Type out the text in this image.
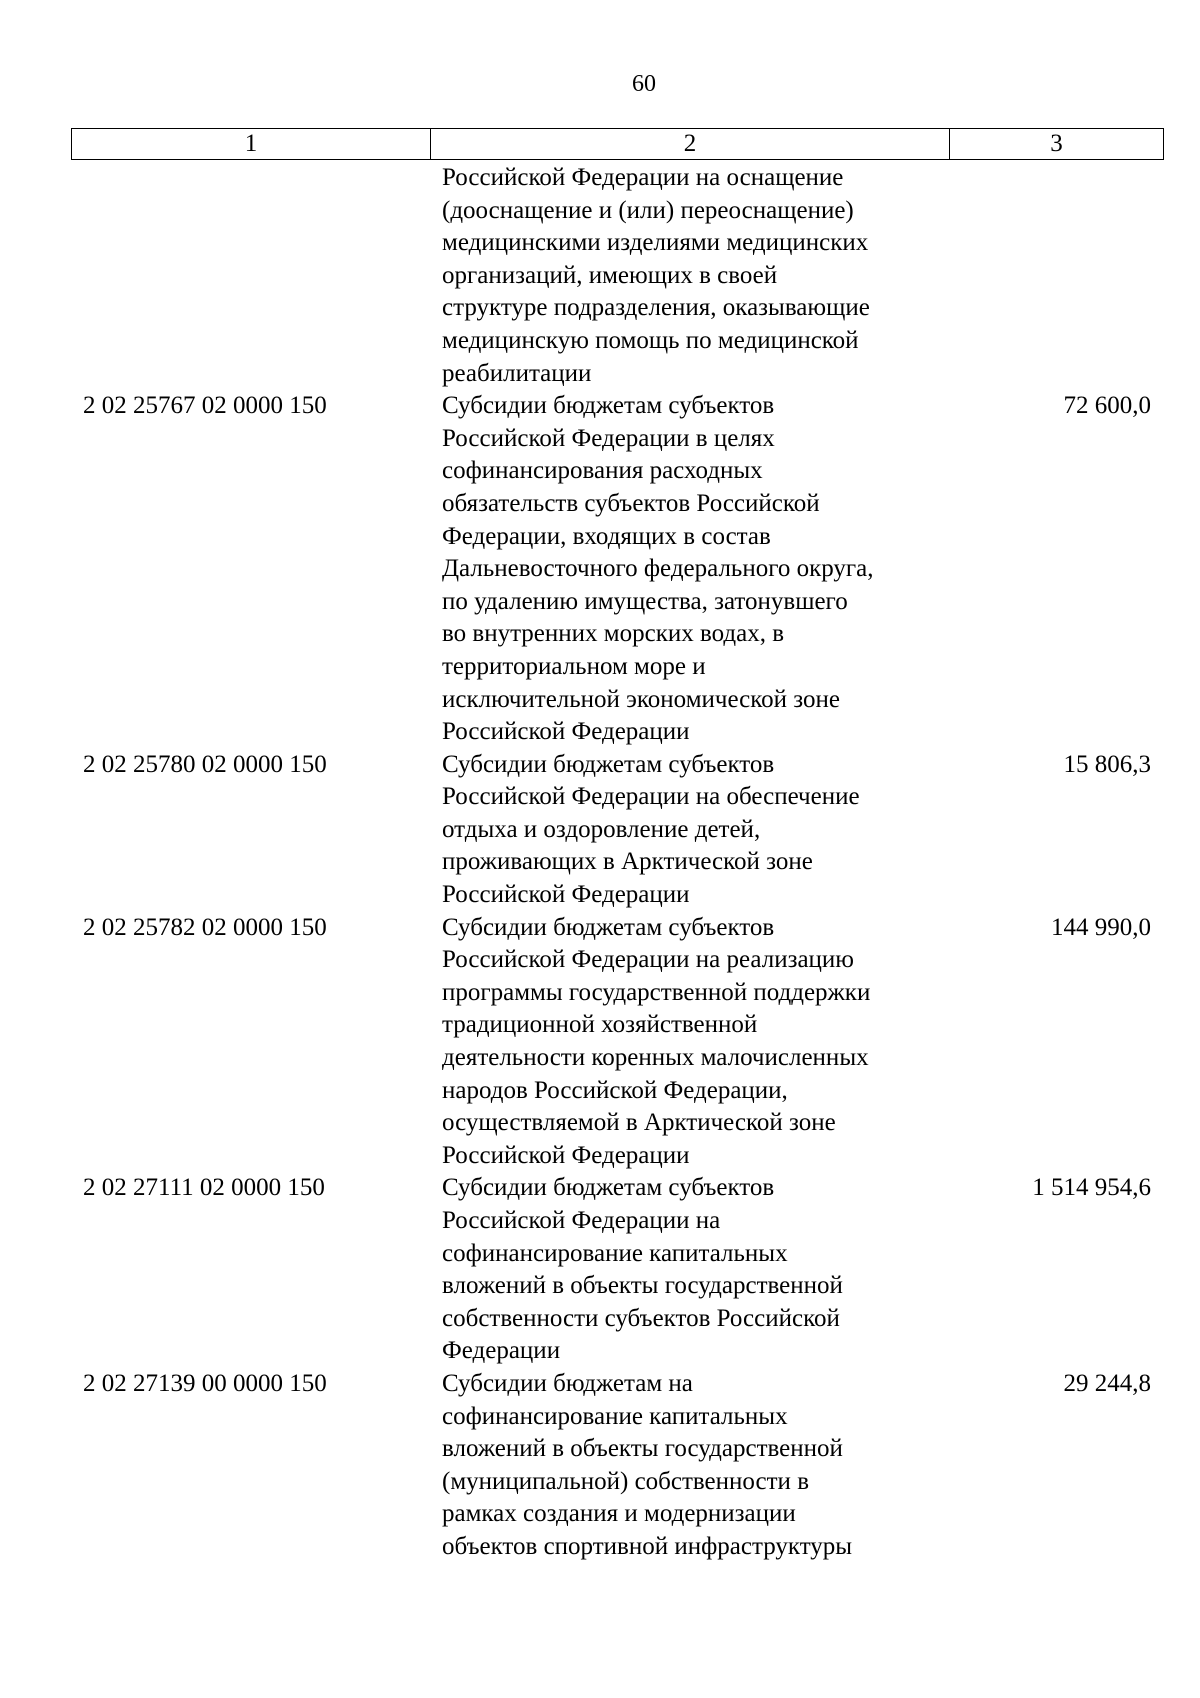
60
1	2	3
Российской Федерации на оснащение
(дооснащение и (или) переоснащение)
медицинскими изделиями медицинских
организаций, имеющих в своей
структуре подразделения, оказывающие
медицинскую помощь по медицинской
реабилитации
2 02 25767 02 0000 150	Субсидии бюджетам субъектов
Российской Федерации в целях
софинансирования расходных
обязательств субъектов Российской
Федерации, входящих в состав
Дальневосточного федерального округа,
по удалению имущества, затонувшего
во внутренних морских водах, в
территориальном море и
исключительной экономической зоне
Российской Федерации
72 600,0
2 02 25780 02 0000 150	Субсидии бюджетам субъектов
Российской Федерации на обеспечение
отдыха и оздоровление детей,
проживающих в Арктической зоне
Российской Федерации
15 806,3
2 02 25782 02 0000 150	Субсидии бюджетам субъектов
Российской Федерации на реализацию
программы государственной поддержки
традиционной хозяйственной
деятельности коренных малочисленных
народов Российской Федерации,
осуществляемой в Арктической зоне
Российской Федерации
144 990,0
2 02 27111 02 0000 150	Субсидии бюджетам субъектов
Российской Федерации на
софинансирование капитальных
вложений в объекты государственной
собственности субъектов Российской
Федерации
1 514 954,6
2 02 27139 00 0000 150	Субсидии бюджетам на
софинансирование капитальных
вложений в объекты государственной
(муниципальной) собственности в
рамках создания и модернизации
объектов спортивной инфраструктуры
29 244,8
